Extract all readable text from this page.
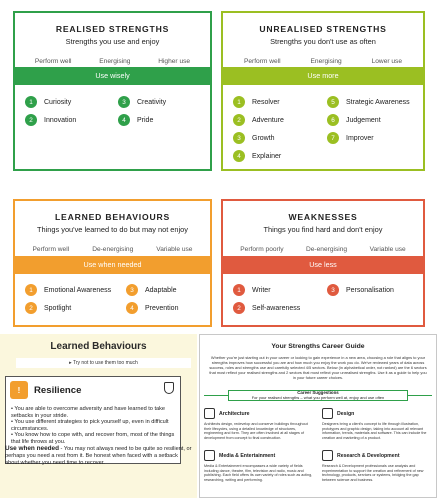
REALISED STRENGTHS
Strengths you use and enjoy
Perform well	Energising	Higher use
Use wisely
1	Curiosity
2	Innovation
3	Creativity
4	Pride
UNREALISED STRENGTHS
Strengths you don't use as often
Perform well	Energising	Lower use
Use more
1	Resolver
2	Adventure
3	Growth
4	Explainer
5	Strategic Awareness
6	Judgement
7	Improver
LEARNED BEHAVIOURS
Things you've learned to do but may not enjoy
Perform well	De-energising	Variable use
Use when needed
1	Emotional Awareness
2	Spotlight
3	Adaptable
4	Prevention
WEAKNESSES
Things you find hard and don't enjoy
Perform poorly	De-energising	Variable use
Use less
1	Writer
2	Self-awareness
3	Personalisation
Learned Behaviours
▸ Try not to use them too much
!	Resilience
• You are able to overcome adversity and have learned to take setbacks in your stride.
• You use different strategies to pick yourself up, even in difficult circumstances.
• You know how to cope with, and recover from, most of the things that life throws at you.
Use when needed - You may not always need to be quite so resilient, or perhaps you need a rest from it. Be honest when faced with a setback about whether you need time to recover.
Your Strengths Career Guide
Whether you're just starting out in your career or looking to gain experience in a new area, choosing a role that aligns to your strengths improves how successful you are and how much you enjoy the work you do. We've reviewed years of data across success, roles and strengths use and carefully selected 4/5 sectors. Below (in alphabetical order, not ranked) are the 6 sectors that most reflect your realised strengths and 2 sectors that most reflect your unrealised strengths. Use it as a guide to help you in your future career choices.
Career Suggestions
For your realised strengths – what you perform well at, enjoy and use often
Architecture
Architects design, redevelop and conserve buildings throughout their lifecycles, using a detailed knowledge of structures, engineering and form. They are often involved at all stages of development from concept to final construction.
Design
Designers bring a client's concept to life through illustration, prototypes and graphic design, taking into account all relevant information, trends, materials and software. This can include the creation and marketing of a product.
Media & Entertainment
Media & Entertainment encompasses a wide variety of fields including dance, theatre, film, television and radio, music and publishing. Each field offers its own variety of roles such as acting, researching, writing and performing.
Research & Development
Research & Development professionals use analysis and experimentation to support the creation and refinement of new technology, products, services or systems, bridging the gap between science and business.
